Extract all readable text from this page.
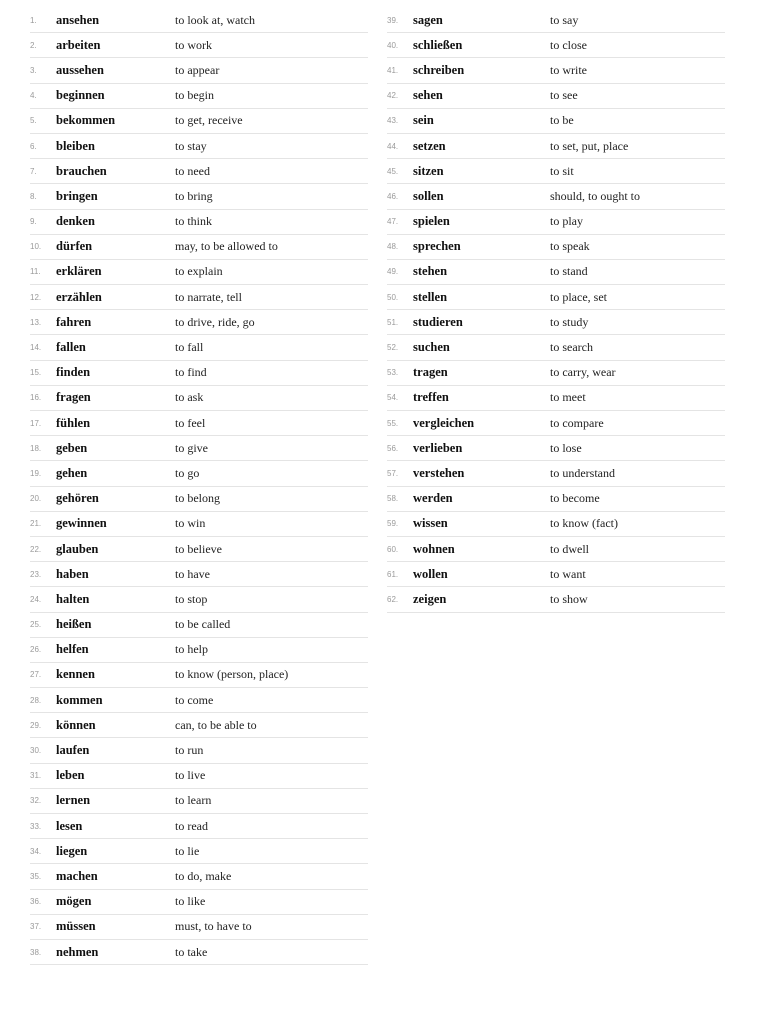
1.	ansehen	to look at, watch
2.	arbeiten	to work
3.	aussehen	to appear
4.	beginnen	to begin
5.	bekommen	to get, receive
6.	bleiben	to stay
7.	brauchen	to need
8.	bringen	to bring
9.	denken	to think
10.	dürfen	may, to be allowed to
11.	erklären	to explain
12.	erzählen	to narrate, tell
13.	fahren	to drive, ride, go
14.	fallen	to fall
15.	finden	to find
16.	fragen	to ask
17.	fühlen	to feel
18.	geben	to give
19.	gehen	to go
20.	gehören	to belong
21.	gewinnen	to win
22.	glauben	to believe
23.	haben	to have
24.	halten	to stop
25.	heißen	to be called
26.	helfen	to help
27.	kennen	to know (person, place)
28.	kommen	to come
29.	können	can, to be able to
30.	laufen	to run
31.	leben	to live
32.	lernen	to learn
33.	lesen	to read
34.	liegen	to lie
35.	machen	to do, make
36.	mögen	to like
37.	müssen	must, to have to
38.	nehmen	to take
39.	sagen	to say
40.	schließen	to close
41.	schreiben	to write
42.	sehen	to see
43.	sein	to be
44.	setzen	to set, put, place
45.	sitzen	to sit
46.	sollen	should, to ought to
47.	spielen	to play
48.	sprechen	to speak
49.	stehen	to stand
50.	stellen	to place, set
51.	studieren	to study
52.	suchen	to search
53.	tragen	to carry, wear
54.	treffen	to meet
55.	vergleichen	to compare
56.	verlieben	to lose
57.	verstehen	to understand
58.	werden	to become
59.	wissen	to know (fact)
60.	wohnen	to dwell
61.	wollen	to want
62.	zeigen	to show
